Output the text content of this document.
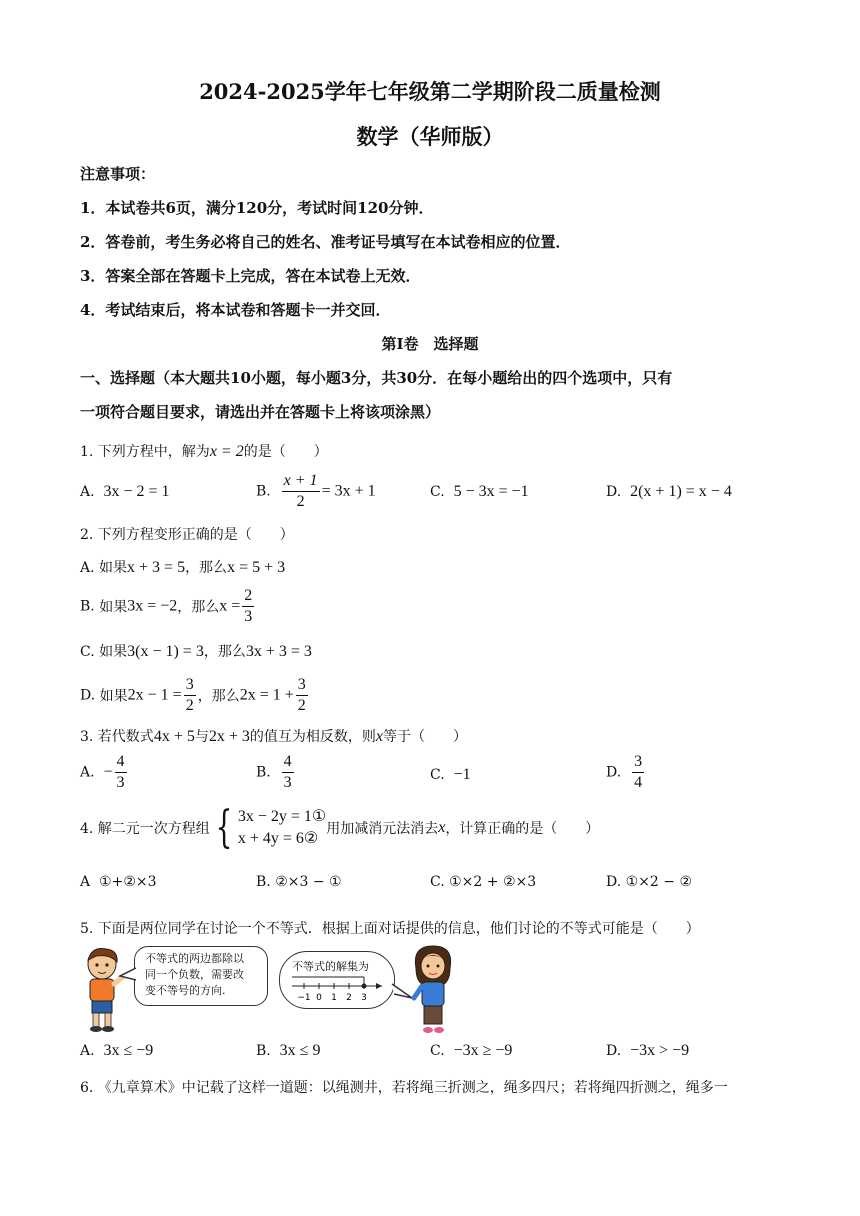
2024-2025学年七年级第二学期阶段二质量检测
数学（华师版）
注意事项：
1．本试卷共6页，满分120分，考试时间120分钟．
2．答卷前，考生务必将自己的姓名、准考证号填写在本试卷相应的位置．
3．答案全部在答题卡上完成，答在本试卷上无效．
4．考试结束后，将本试卷和答题卡一并交回．
第Ⅰ卷　选择题
一、选择题（本大题共10小题，每小题3分，共30分．在每小题给出的四个选项中，只有
一项符合题目要求，请选出并在答题卡上将该项涂黑）
1. 下列方程中，解为x = 2的是（　　）
A. 3x − 2 = 1	B. $\frac{x + 1}{2} = 3x + 1$	C. 5 − 3x = −1	D. 2(x + 1) = x − 4
2. 下列方程变形正确的是（　　）
A. 如果x + 3 = 5，那么x = 5 + 3
B. 如果3x = −2，那么$x = \frac{2}{3}$
C. 如果3(x − 1) = 3，那么3x + 3 = 3
D. 如果$2x - 1 = \frac{3}{2}$ ，那么$2x = 1 + \frac{3}{2}$
3. 若代数式4x + 5与2x + 3的值互为相反数，则x等于（　　）
A. − $\frac{4}{3}$	B. $\frac{4}{3}$	C. −1	D. $\frac{3}{4}$
4. 解二元一次方程组 { 3x − 2y = 1①
x + 4y = 6②
用加减消元法消去x，计算正确的是（　　）
A ①+②×3	B. ②×3 − ①	C. ①×2 + ②×3	D. ①×2 − ②
5. 下面是两位同学在讨论一个不等式．根据上面对话提供的信息，他们讨论的不等式可能是（　　）
不等式的两边都除以
同一个负数，需要改
变不等号的方向.
不等式的解集为
−1 0 1 2 3
A. 3x ≤ −9	B. 3x ≤ 9	C. −3x ≥ −9	D. −3x > −9
6. 《九章算术》中记载了这样一道题：以绳测井，若将绳三折测之，绳多四尺；若将绳四折测之，绳多一
